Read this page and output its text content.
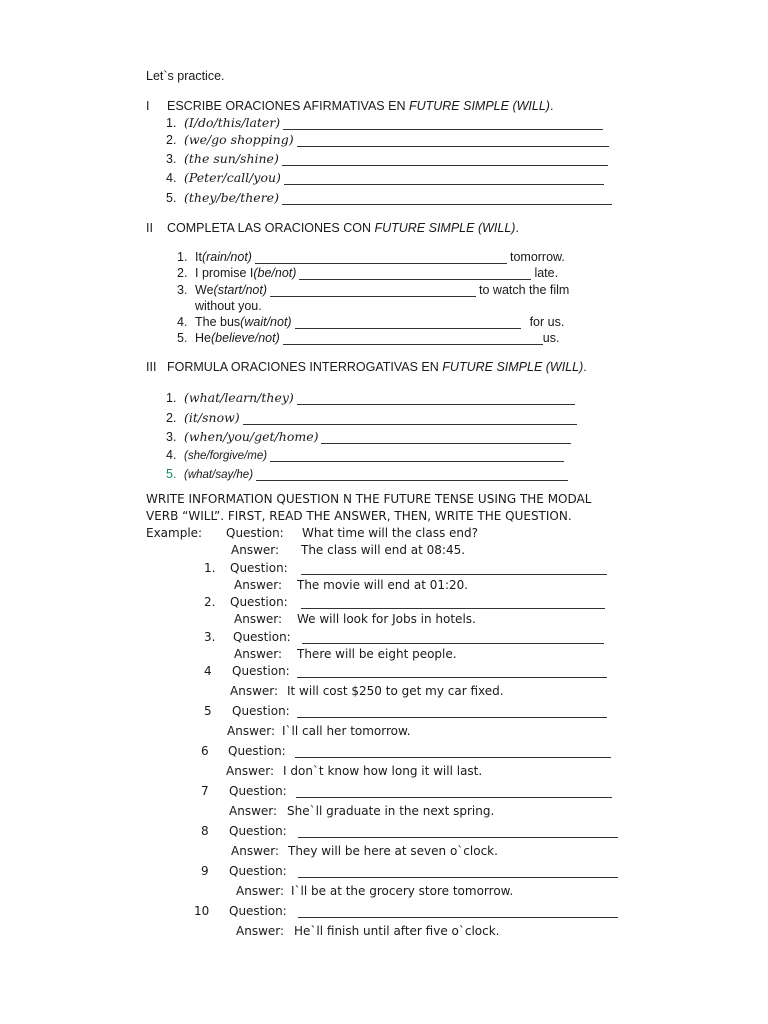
Let`s practice.
I ESCRIBE ORACIONES AFIRMATIVAS EN FUTURE SIMPLE (WILL).
1. (I/do/this/later)
2. (we/go shopping)
3. (the sun/shine)
4. (Peter/call/you)
5. (they/be/there)
II COMPLETA LAS ORACIONES CON FUTURE SIMPLE (WILL).
1. It (rain/not)	tomorrow.
2. I promise I (be/not)	late.
3. We (start/not)	to watch the film
without you.
4. The bus (wait/not)	for us.
5. He (believe/not)	us.
III FORMULA ORACIONES INTERROGATIVAS EN FUTURE SIMPLE (WILL).
1. (what/learn/they)
2. (it/snow)
3. (when/you/get/home)
4. (she/forgive/me)
5. (what/say/he)
WRITE INFORMATION QUESTION N THE FUTURE TENSE USING THE MODAL
VERB “WILL”. FIRST, READ THE ANSWER, THEN, WRITE THE QUESTION.
Example:	Question:	What time will the class end?
Answer:	The class will end at 08:45.
1.	Question:
Answer:	The movie will end at 01:20.
2.	Question:
Answer:	We will look for Jobs in hotels.
3.	Question:
Answer:	There will be eight people.
4	Question:
Answer: It will cost $250 to get my car fixed.
5	Question:
Answer: I`ll call her tomorrow.
6	Question:
Answer: I don`t know how long it will last.
7	Question:
Answer: She`ll graduate in the next spring.
8	Question:
Answer: They will be here at seven o`clock.
9	Question:
Answer: I`ll be at the grocery store tomorrow.
10	Question:
Answer: He`ll finish until after five o`clock.
